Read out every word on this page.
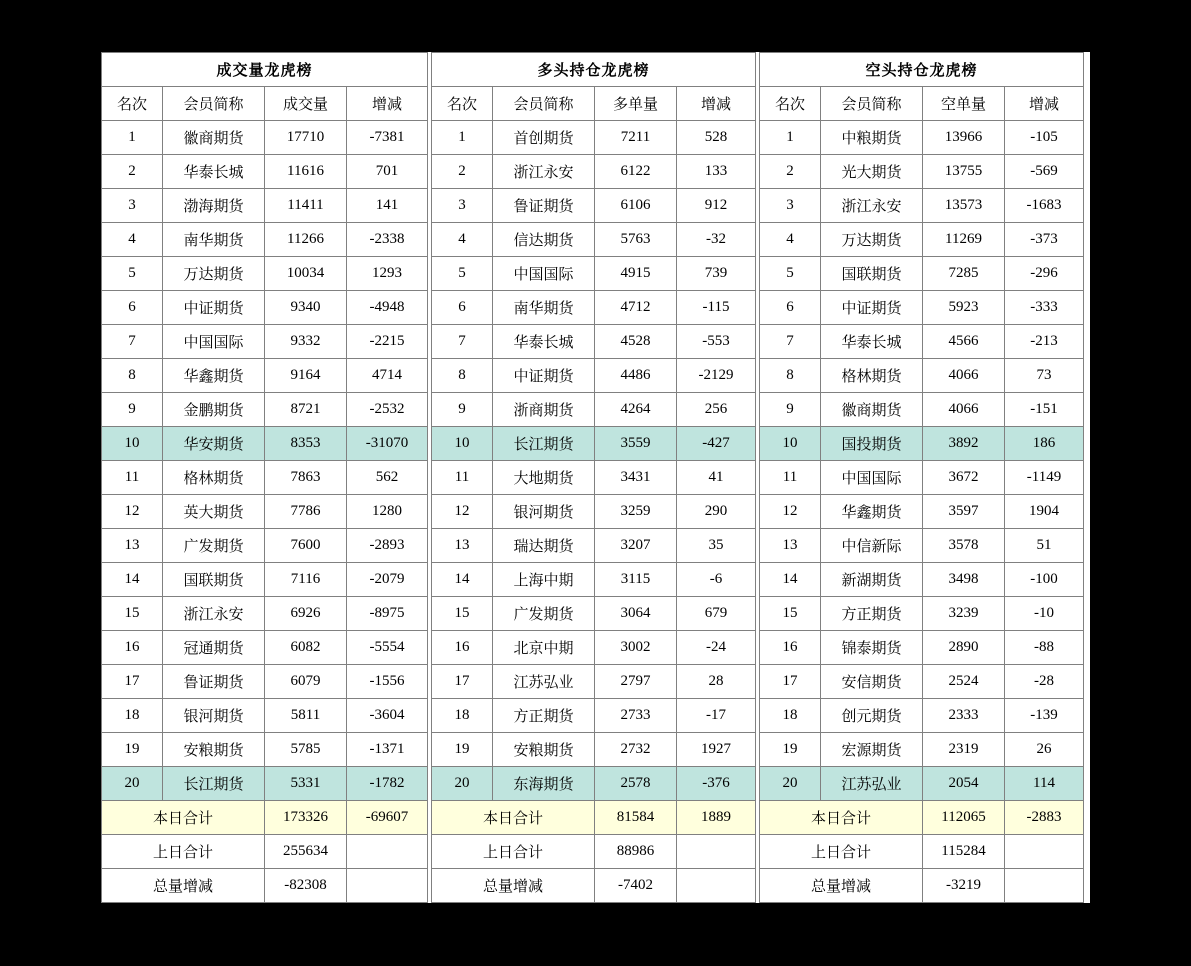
成交量龙虎榜			
名次	会员简称	成交量	增减
1	徽商期货	17710	-7381
2	华泰长城	11616	701
3	渤海期货	11411	141
4	南华期货	11266	-2338
5	万达期货	10034	1293
6	中证期货	9340	-4948
7	中国国际	9332	-2215
8	华鑫期货	9164	4714
9	金鹏期货	8721	-2532
10	华安期货	8353	-31070
11	格林期货	7863	562
12	英大期货	7786	1280
13	广发期货	7600	-2893
14	国联期货	7116	-2079
15	浙江永安	6926	-8975
16	冠通期货	6082	-5554
17	鲁证期货	6079	-1556
18	银河期货	5811	-3604
19	安粮期货	5785	-1371
20	长江期货	5331	-1782
本日合计		173326	-69607
上日合计		255634	
总量增减		-82308	
多头持仓龙虎榜			
名次	会员简称	多单量	增减
1	首创期货	7211	528
2	浙江永安	6122	133
3	鲁证期货	6106	912
4	信达期货	5763	-32
5	中国国际	4915	739
6	南华期货	4712	-115
7	华泰长城	4528	-553
8	中证期货	4486	-2129
9	浙商期货	4264	256
10	长江期货	3559	-427
11	大地期货	3431	41
12	银河期货	3259	290
13	瑞达期货	3207	35
14	上海中期	3115	-6
15	广发期货	3064	679
16	北京中期	3002	-24
17	江苏弘业	2797	28
18	方正期货	2733	-17
19	安粮期货	2732	1927
20	东海期货	2578	-376
本日合计		81584	1889
上日合计		88986	
总量增减		-7402	
空头持仓龙虎榜			
名次	会员简称	空单量	增减
1	中粮期货	13966	-105
2	光大期货	13755	-569
3	浙江永安	13573	-1683
4	万达期货	11269	-373
5	国联期货	7285	-296
6	中证期货	5923	-333
7	华泰长城	4566	-213
8	格林期货	4066	73
9	徽商期货	4066	-151
10	国投期货	3892	186
11	中国国际	3672	-1149
12	华鑫期货	3597	1904
13	中信新际	3578	51
14	新湖期货	3498	-100
15	方正期货	3239	-10
16	锦泰期货	2890	-88
17	安信期货	2524	-28
18	创元期货	2333	-139
19	宏源期货	2319	26
20	江苏弘业	2054	114
本日合计		112065	-2883
上日合计		115284	
总量增减		-3219	
